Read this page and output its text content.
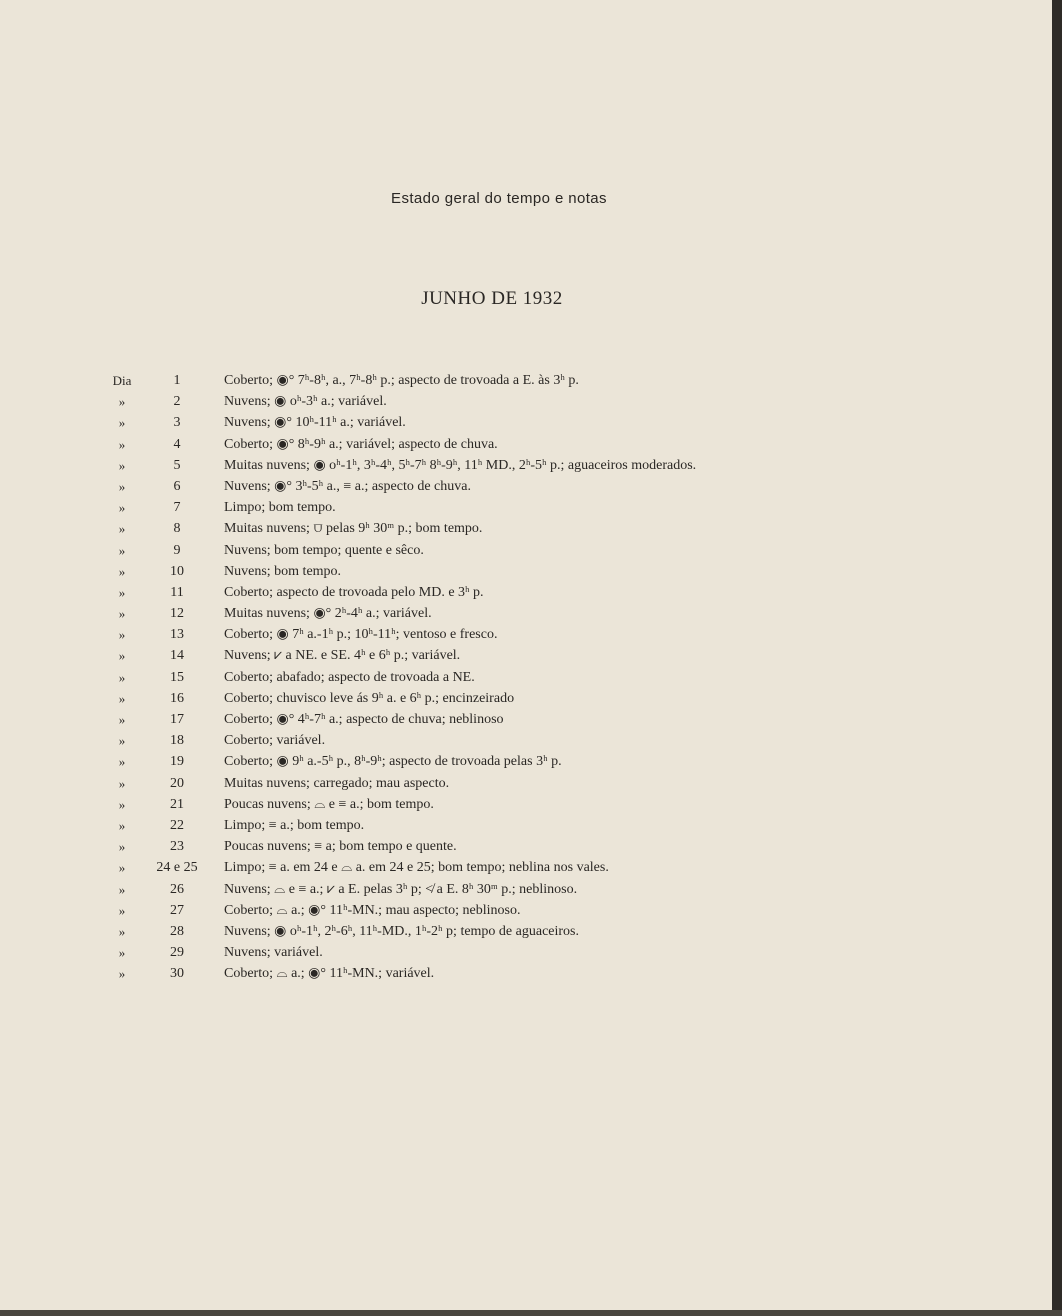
Estado geral do tempo e notas
JUNHO DE 1932
Dia	1	Coberto; ◉° 7ʰ-8ʰ, a., 7ʰ-8ʰ p.; aspecto de trovoada a E. às 3ʰ p.
»	2	Nuvens; ◉ oʰ-3ʰ a.; variável.
»	3	Nuvens; ◉° 10ʰ-11ʰ a.; variável.
»	4	Coberto; ◉° 8ʰ-9ʰ a.; variável; aspecto de chuva.
»	5	Muitas nuvens; ◉ oʰ-1ʰ, 3ʰ-4ʰ, 5ʰ-7ʰ 8ʰ-9ʰ, 11ʰ MD., 2ʰ-5ʰ p.; aguaceiros moderados.
»	6	Nuvens; ◉° 3ʰ-5ʰ a., ≡ a.; aspecto de chuva.
»	7	Limpo; bom tempo.
»	8	Muitas nuvens; ⩌ pelas 9ʰ 30ᵐ p.; bom tempo.
»	9	Nuvens; bom tempo; quente e sêco.
»	10	Nuvens; bom tempo.
»	11	Coberto; aspecto de trovoada pelo MD. e 3ʰ p.
»	12	Muitas nuvens; ◉° 2ʰ-4ʰ a.; variável.
»	13	Coberto; ◉ 7ʰ a.-1ʰ p.; 10ʰ-11ʰ; ventoso e fresco.
»	14	Nuvens; ⩗ a NE. e SE. 4ʰ e 6ʰ p.; variável.
»	15	Coberto; abafado; aspecto de trovoada a NE.
»	16	Coberto; chuvisco leve ás 9ʰ a. e 6ʰ p.; encinzeirado
»	17	Coberto; ◉° 4ʰ-7ʰ a.; aspecto de chuva; neblinoso
»	18	Coberto; variável.
»	19	Coberto; ◉ 9ʰ a.-5ʰ p., 8ʰ-9ʰ; aspecto de trovoada pelas 3ʰ p.
»	20	Muitas nuvens; carregado; mau aspecto.
»	21	Poucas nuvens; ⌓ e ≡ a.; bom tempo.
»	22	Limpo; ≡ a.; bom tempo.
»	23	Poucas nuvens; ≡ a; bom tempo e quente.
»	24 e 25	Limpo; ≡ a. em 24 e ⌓ a. em 24 e 25; bom tempo; neblina nos vales.
»	26	Nuvens; ⌓ e ≡ a.; ⩗ a E. pelas 3ʰ p; ≮ a E. 8ʰ 30ᵐ p.; neblinoso.
»	27	Coberto; ⌓ a.; ◉° 11ʰ-MN.; mau aspecto; neblinoso.
»	28	Nuvens; ◉ oʰ-1ʰ, 2ʰ-6ʰ, 11ʰ-MD., 1ʰ-2ʰ p; tempo de aguaceiros.
»	29	Nuvens; variável.
»	30	Coberto; ⌓ a.; ◉° 11ʰ-MN.; variável.
